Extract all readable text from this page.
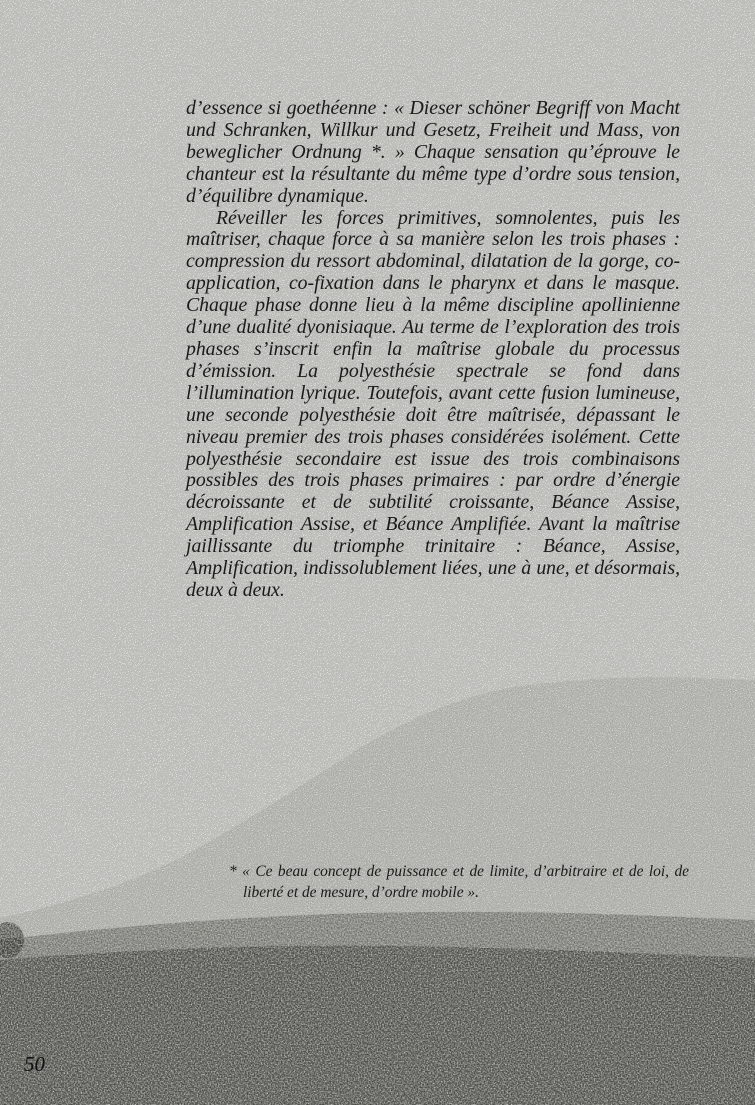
d’essence si goethéenne : « Dieser schöner Begriff von Macht und Schranken, Willkur und Gesetz, Freiheit und Mass, von beweglicher Ordnung *. » Chaque sensation qu’éprouve le chanteur est la résultante du même type d’ordre sous tension, d’équilibre dynamique.

Réveiller les forces primitives, somnolentes, puis les maîtriser, chaque force à sa manière selon les trois phases : compression du ressort abdominal, dilatation de la gorge, co-application, co-fixation dans le pharynx et dans le masque. Chaque phase donne lieu à la même discipline apollinienne d’une dualité dyonisiaque. Au terme de l’exploration des trois phases s’inscrit enfin la maîtrise globale du processus d’émission. La polyesthésie spectrale se fond dans l’illumination lyrique. Toutefois, avant cette fusion lumineuse, une seconde polyesthésie doit être maîtrisée, dépassant le niveau premier des trois phases considérées isolément. Cette polyesthésie secondaire est issue des trois combinaisons possibles des trois phases primaires : par ordre d’énergie décroissante et de subtilité croissante, Béance Assise, Amplification Assise, et Béance Amplifiée. Avant la maîtrise jaillissante du triomphe trinitaire : Béance, Assise, Amplification, indissolublement liées, une à une, et désormais, deux à deux.

* « Ce beau concept de puissance et de limite, d’arbitraire et de loi, de liberté et de mesure, d’ordre mobile ».
50
